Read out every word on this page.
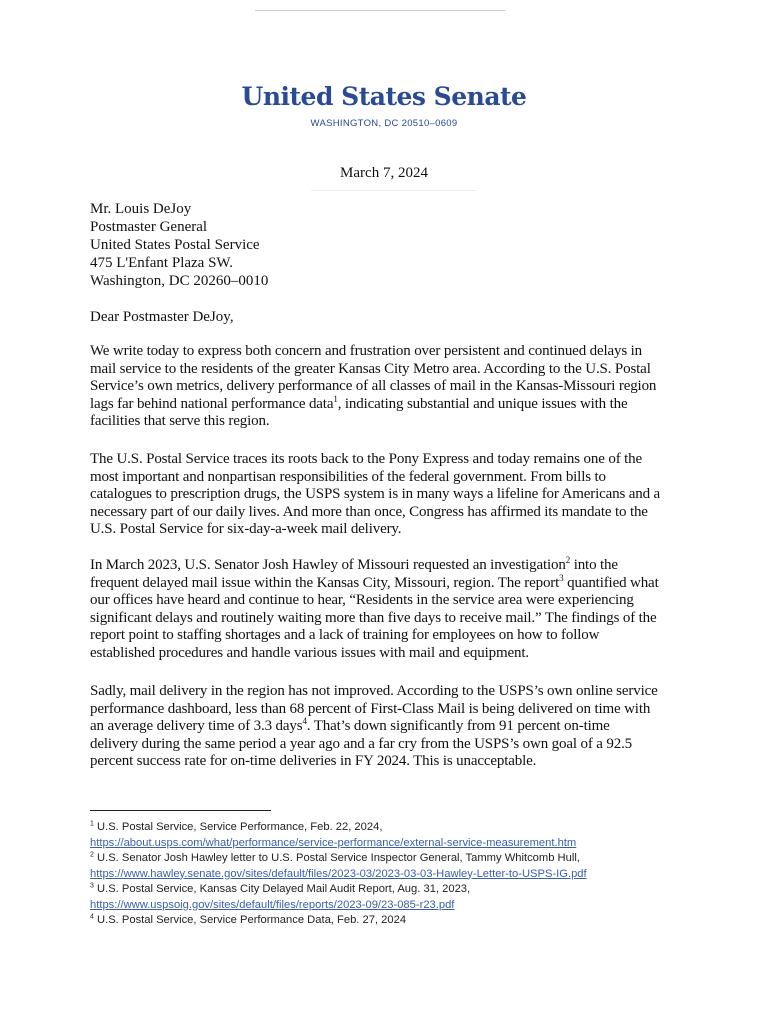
United States Senate
WASHINGTON, DC 20510–0609
March 7, 2024
Mr. Louis DeJoy
Postmaster General
United States Postal Service
475 L'Enfant Plaza SW.
Washington, DC 20260–0010
Dear Postmaster DeJoy,

We write today to express both concern and frustration over persistent and continued delays in
mail service to the residents of the greater Kansas City Metro area. According to the U.S. Postal
Service’s own metrics, delivery performance of all classes of mail in the Kansas-Missouri region
lags far behind national performance data$^1$, indicating substantial and unique issues with the
facilities that serve this region.

The U.S. Postal Service traces its roots back to the Pony Express and today remains one of the
most important and nonpartisan responsibilities of the federal government. From bills to
catalogues to prescription drugs, the USPS system is in many ways a lifeline for Americans and a
necessary part of our daily lives. And more than once, Congress has affirmed its mandate to the
U.S. Postal Service for six-day-a-week mail delivery.

In March 2023, U.S. Senator Josh Hawley of Missouri requested an investigation$^2$ into the
frequent delayed mail issue within the Kansas City, Missouri, region. The report$^3$ quantified what
our offices have heard and continue to hear, “Residents in the service area were experiencing
significant delays and routinely waiting more than five days to receive mail.” The findings of the
report point to staffing shortages and a lack of training for employees on how to follow
established procedures and handle various issues with mail and equipment.

Sadly, mail delivery in the region has not improved. According to the USPS’s own online service
performance dashboard, less than 68 percent of First-Class Mail is being delivered on time with
an average delivery time of 3.3 days$^4$. That’s down significantly from 91 percent on-time
delivery during the same period a year ago and a far cry from the USPS’s own goal of a 92.5
percent success rate for on-time deliveries in FY 2024. This is unacceptable.

$^1$ U.S. Postal Service, Service Performance, Feb. 22, 2024,
https://about.usps.com/what/performance/service-performance/external-service-measurement.htm
$^2$ U.S. Senator Josh Hawley letter to U.S. Postal Service Inspector General, Tammy Whitcomb Hull,
https://www.hawley.senate.gov/sites/default/files/2023-03/2023-03-03-Hawley-Letter-to-USPS-IG.pdf
$^3$ U.S. Postal Service, Kansas City Delayed Mail Audit Report, Aug. 31, 2023,
https://www.uspsoig.gov/sites/default/files/reports/2023-09/23-085-r23.pdf
$^4$ U.S. Postal Service, Service Performance Data, Feb. 27, 2024
